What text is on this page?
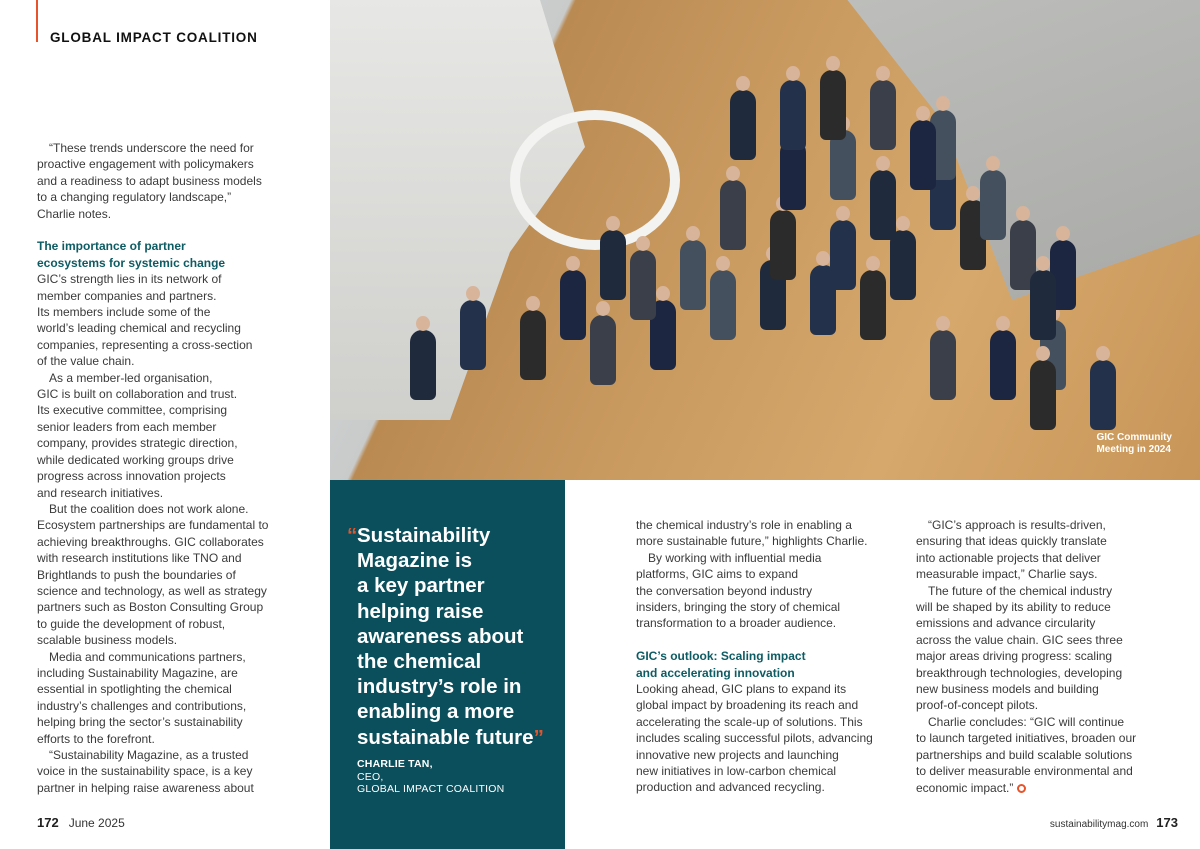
GLOBAL IMPACT COALITION
“These trends underscore the need for
proactive engagement with policymakers
and a readiness to adapt business models
to a changing regulatory landscape,”
Charlie notes.
The importance of partner
ecosystems for systemic change
GIC’s strength lies in its network of
member companies and partners.
Its members include some of the
world’s leading chemical and recycling
companies, representing a cross-section
of the value chain.
As a member-led organisation,
GIC is built on collaboration and trust.
Its executive committee, comprising
senior leaders from each member
company, provides strategic direction,
while dedicated working groups drive
progress across innovation projects
and research initiatives.
But the coalition does not work alone.
Ecosystem partnerships are fundamental to
achieving breakthroughs. GIC collaborates
with research institutions like TNO and
Brightlands to push the boundaries of
science and technology, as well as strategy
partners such as Boston Consulting Group
to guide the development of robust,
scalable business models.
Media and communications partners,
including Sustainability Magazine, are
essential in spotlighting the chemical
industry’s challenges and contributions,
helping bring the sector’s sustainability
efforts to the forefront.
“Sustainability Magazine, as a trusted
voice in the sustainability space, is a key
partner in helping raise awareness about
GIC Community
Meeting in 2024
“ Sustainability
Magazine is
a key partner
helping raise
awareness about
the chemical
industry’s role in
enabling a more
sustainable future”
CHARLIE TAN,
CEO,
GLOBAL IMPACT COALITION
the chemical industry’s role in enabling a
more sustainable future,” highlights Charlie.
By working with influential media
platforms, GIC aims to expand
the conversation beyond industry
insiders, bringing the story of chemical
transformation to a broader audience.
GIC’s outlook: Scaling impact
and accelerating innovation
Looking ahead, GIC plans to expand its
global impact by broadening its reach and
accelerating the scale-up of solutions. This
includes scaling successful pilots, advancing
innovative new projects and launching
new initiatives in low-carbon chemical
production and advanced recycling.
“GIC’s approach is results-driven,
ensuring that ideas quickly translate
into actionable projects that deliver
measurable impact,” Charlie says.
The future of the chemical industry
will be shaped by its ability to reduce
emissions and advance circularity
across the value chain. GIC sees three
major areas driving progress: scaling
breakthrough technologies, developing
new business models and building
proof-of-concept pilots.
Charlie concludes: “GIC will continue
to launch targeted initiatives, broaden our
partnerships and build scalable solutions
to deliver measurable environmental and
economic impact.”
172 June 2025	sustainabilitymag.com 173
